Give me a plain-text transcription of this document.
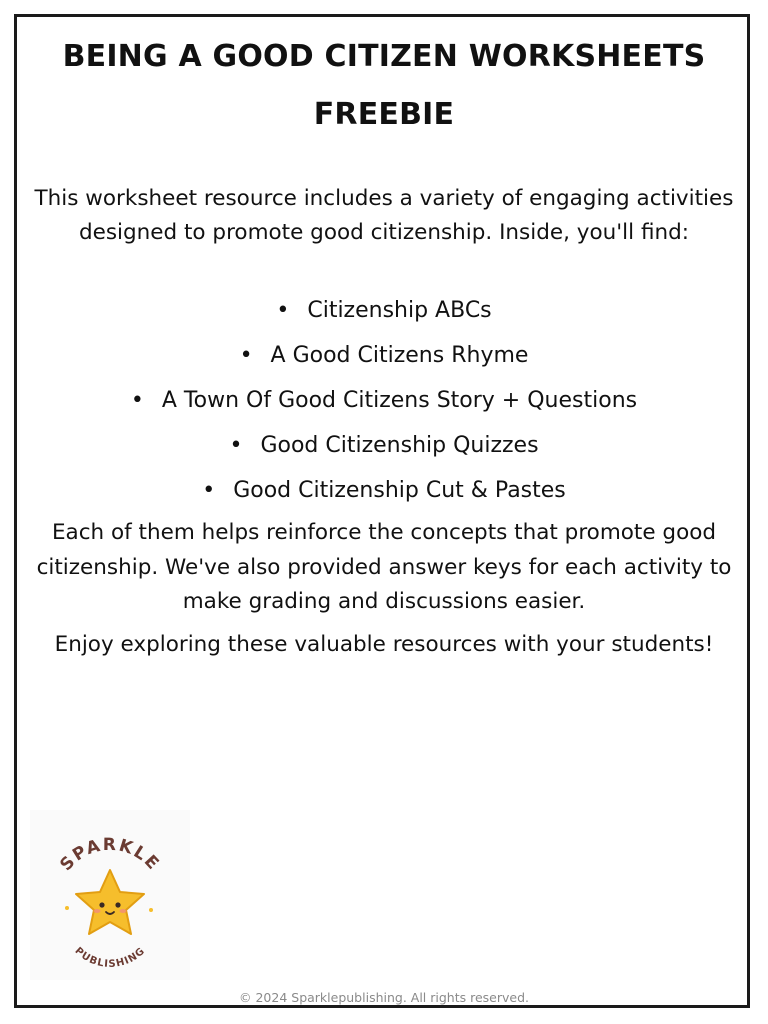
BEING A GOOD CITIZEN WORKSHEETS
FREEBIE

This worksheet resource includes a variety of engaging activities designed to promote good citizenship. Inside, you'll find:

• Citizenship ABCs
• A Good Citizens Rhyme
• A Town Of Good Citizens Story + Questions
• Good Citizenship Quizzes
• Good Citizenship Cut & Pastes

Each of them helps reinforce the concepts that promote good citizenship. We've also provided answer keys for each activity to make grading and discussions easier.

Enjoy exploring these valuable resources with your students!

SPARKLE
PUBLISHING

© 2024 Sparklepublishing. All rights reserved.
